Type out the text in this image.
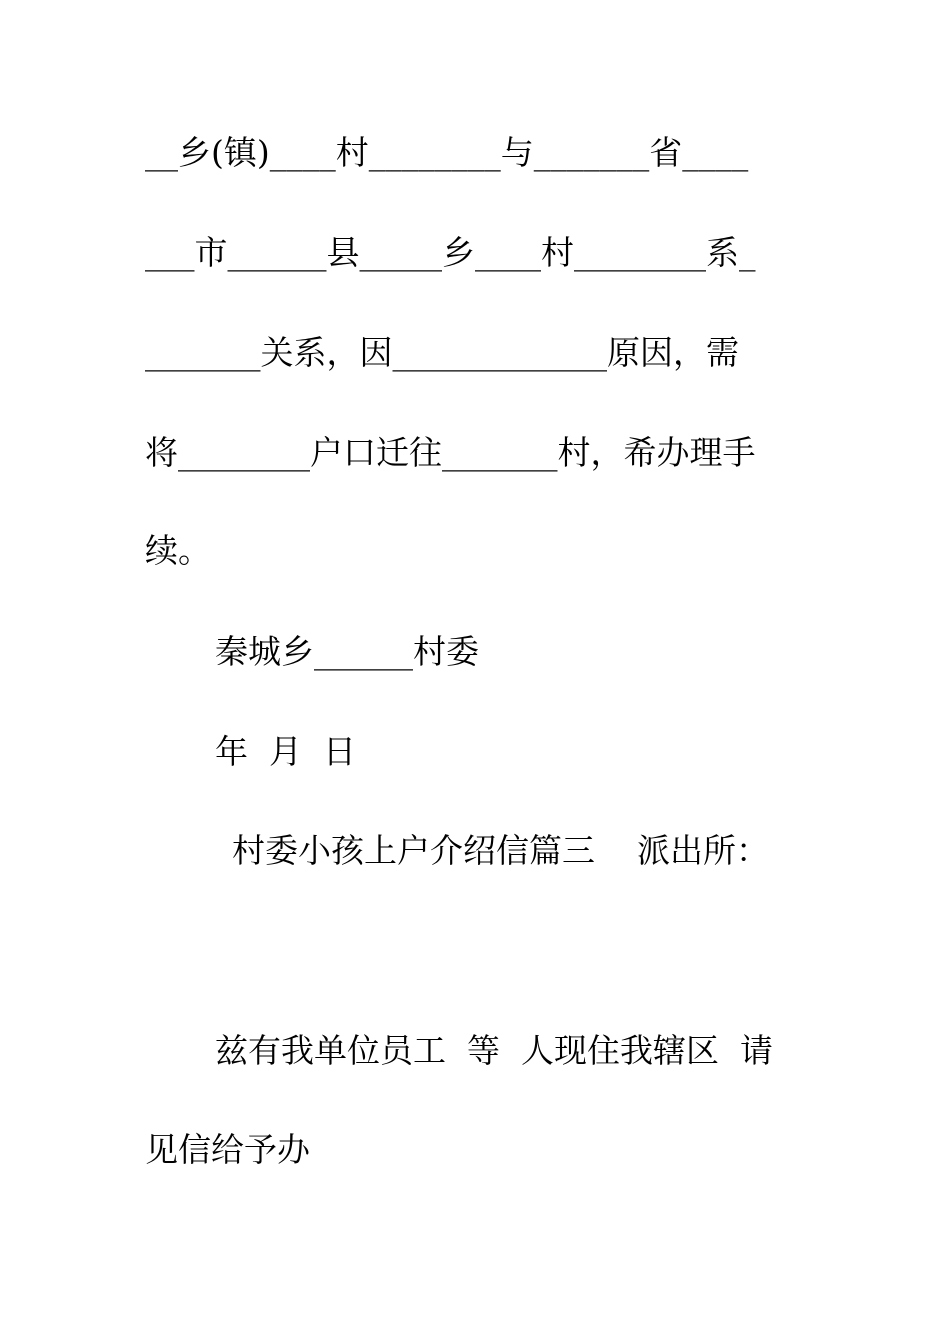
__乡(镇)____村________与_______省____
___市______县_____乡____村________系_
_______关系，因_____________原因，需
将________户口迁往_______村，希办理手
续。
秦城乡______村委
年  月  日
村委小孩上户介绍信篇三    派出所：
兹有我单位员工  等  人现住我辖区  请
见信给予办
